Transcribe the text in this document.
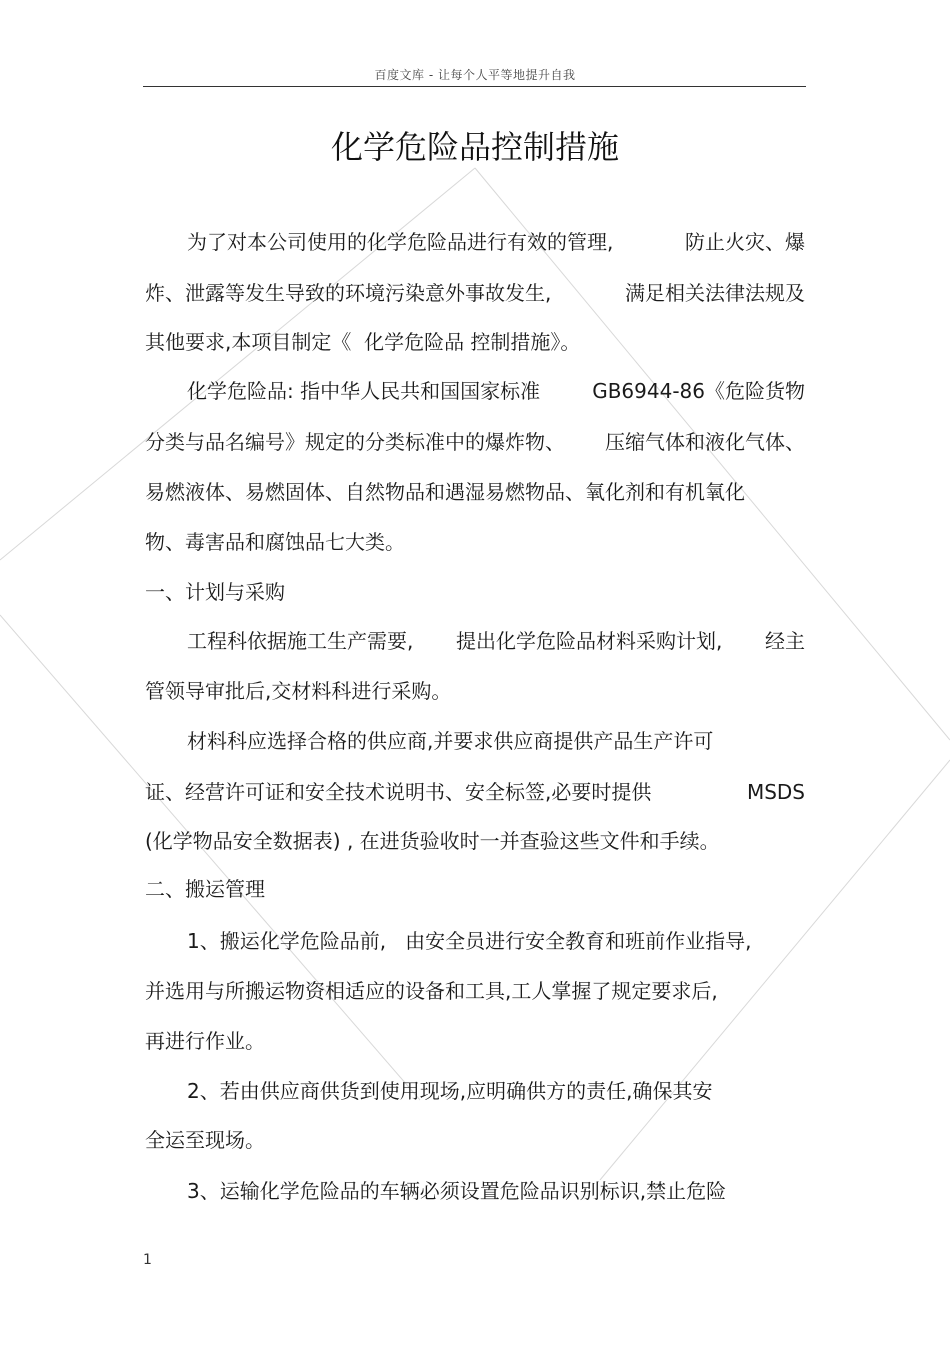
百度文库 - 让每个人平等地提升自我
化学危险品控制措施
为了对本公司使用的化学危险品进行有效的管理,	防止火灾、爆
炸、泄露等发生导致的环境污染意外事故发生,	满足相关法律法规及
其他要求,本项目制定《  化学危险品 控制措施》。
化学危险品: 指中华人民共和国国家标准	GB6944-86《危险货物
分类与品名编号》规定的分类标准中的爆炸物、 压缩气体和液化气体、
易燃液体、易燃固体、自然物品和遇湿易燃物品、氧化剂和有机氧化
物、毒害品和腐蚀品七大类。
一、计划与采购
工程科依据施工生产需要, 提出化学危险品材料采购计划, 经主
管领导审批后,交材料科进行采购。
材料科应选择合格的供应商,并要求供应商提供产品生产许可
证、经营许可证和安全技术说明书、安全标签,必要时提供	MSDS
(化学物品安全数据表) , 在进货验收时一并查验这些文件和手续。
二、搬运管理
1、搬运化学危险品前, 由安全员进行安全教育和班前作业指导,
并选用与所搬运物资相适应的设备和工具,工人掌握了规定要求后,
再进行作业。
2、若由供应商供货到使用现场,应明确供方的责任,确保其安
全运至现场。
3、运输化学危险品的车辆必须设置危险品识别标识,禁止危险
1
